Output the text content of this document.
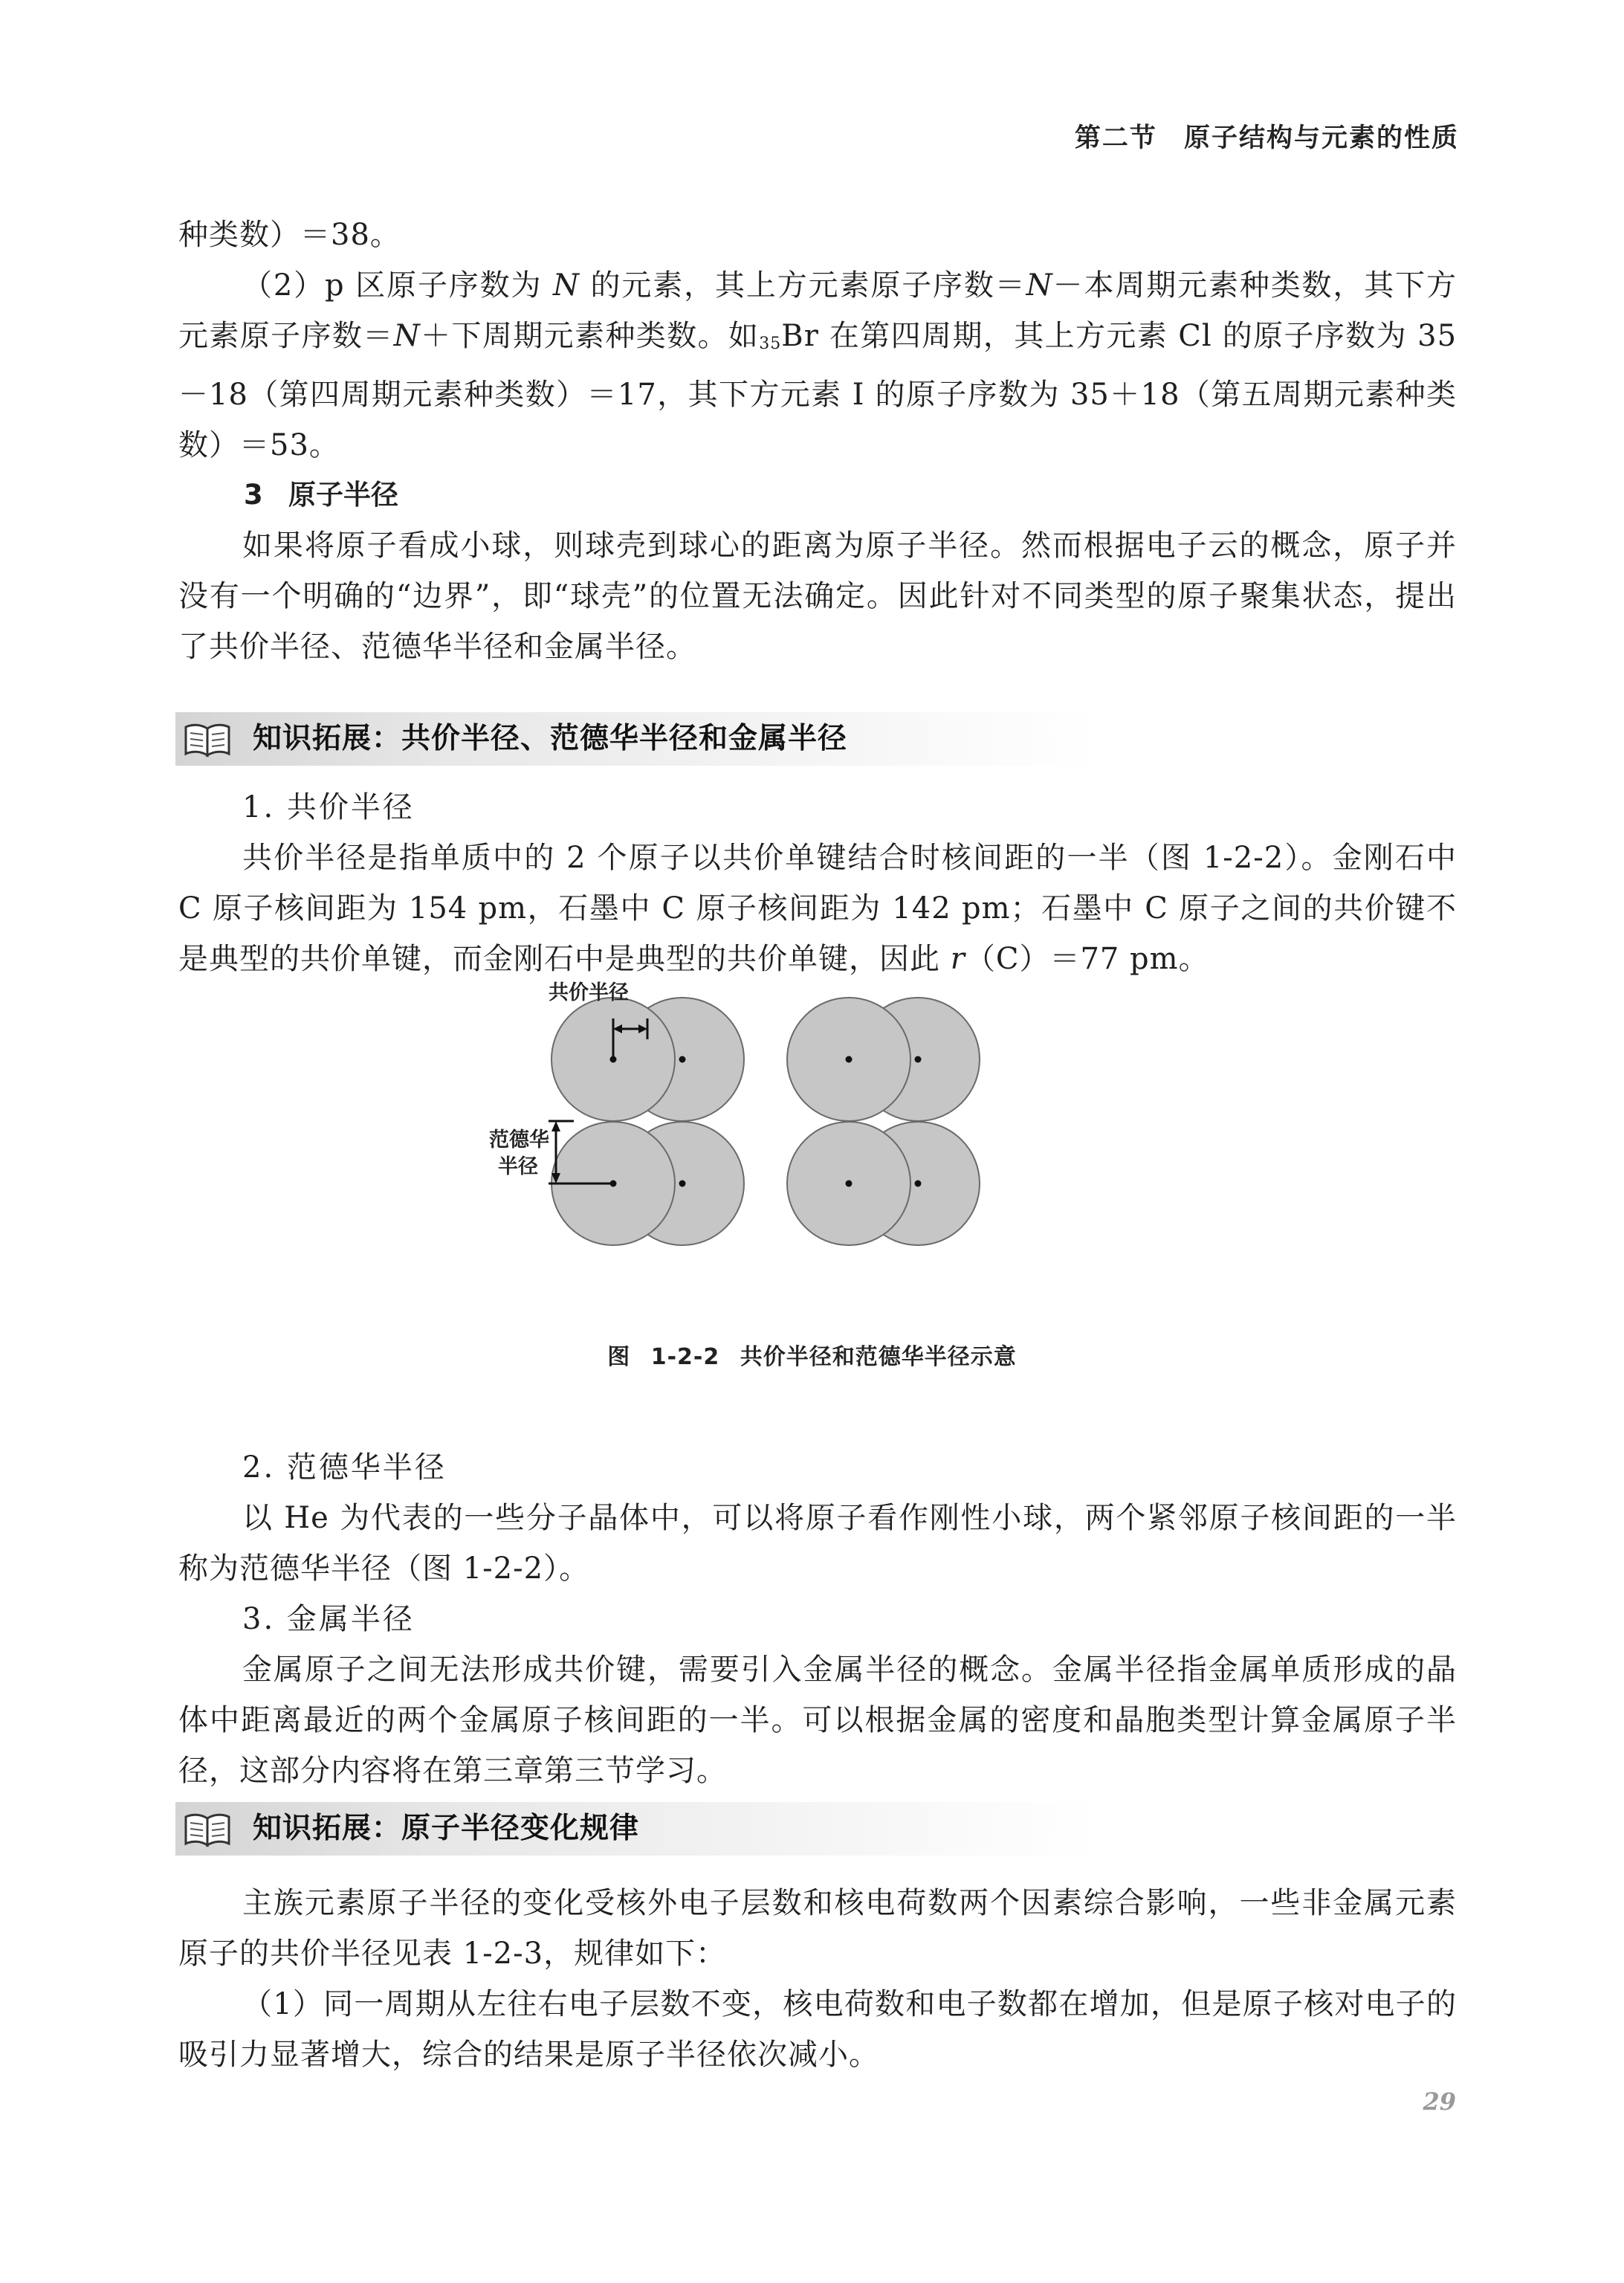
第二节 原子结构与元素的性质

种类数）＝38。

（2）p 区原子序数为 N 的元素，其上方元素原子序数＝N－本周期元素种类数，其下方元素原子序数＝N＋下周期元素种类数。如35Br 在第四周期，其上方元素 Cl 的原子序数为 35－18（第四周期元素种类数）＝17，其下方元素 I 的原子序数为 35＋18（第五周期元素种类数）＝53。

3 原子半径

如果将原子看成小球，则球壳到球心的距离为原子半径。然而根据电子云的概念，原子并没有一个明确的“边界”，即“球壳”的位置无法确定。因此针对不同类型的原子聚集状态，提出了共价半径、范德华半径和金属半径。

知识拓展：共价半径、范德华半径和金属半径

1. 共价半径

共价半径是指单质中的 2 个原子以共价单键结合时核间距的一半（图 1-2-2）。金刚石中 C 原子核间距为 154 pm，石墨中 C 原子核间距为 142 pm；石墨中 C 原子之间的共价键不是典型的共价单键，而金刚石中是典型的共价单键，因此 r（C）＝77 pm。

共价半径
范德华
半径
图 1-2-2 共价半径和范德华半径示意

2. 范德华半径

以 He 为代表的一些分子晶体中，可以将原子看作刚性小球，两个紧邻原子核间距的一半称为范德华半径（图 1-2-2）。

3. 金属半径

金属原子之间无法形成共价键，需要引入金属半径的概念。金属半径指金属单质形成的晶体中距离最近的两个金属原子核间距的一半。可以根据金属的密度和晶胞类型计算金属原子半径，这部分内容将在第三章第三节学习。

知识拓展：原子半径变化规律

主族元素原子半径的变化受核外电子层数和核电荷数两个因素综合影响，一些非金属元素原子的共价半径见表 1-2-3，规律如下：

（1）同一周期从左往右电子层数不变，核电荷数和电子数都在增加，但是原子核对电子的吸引力显著增大，综合的结果是原子半径依次减小。

29
